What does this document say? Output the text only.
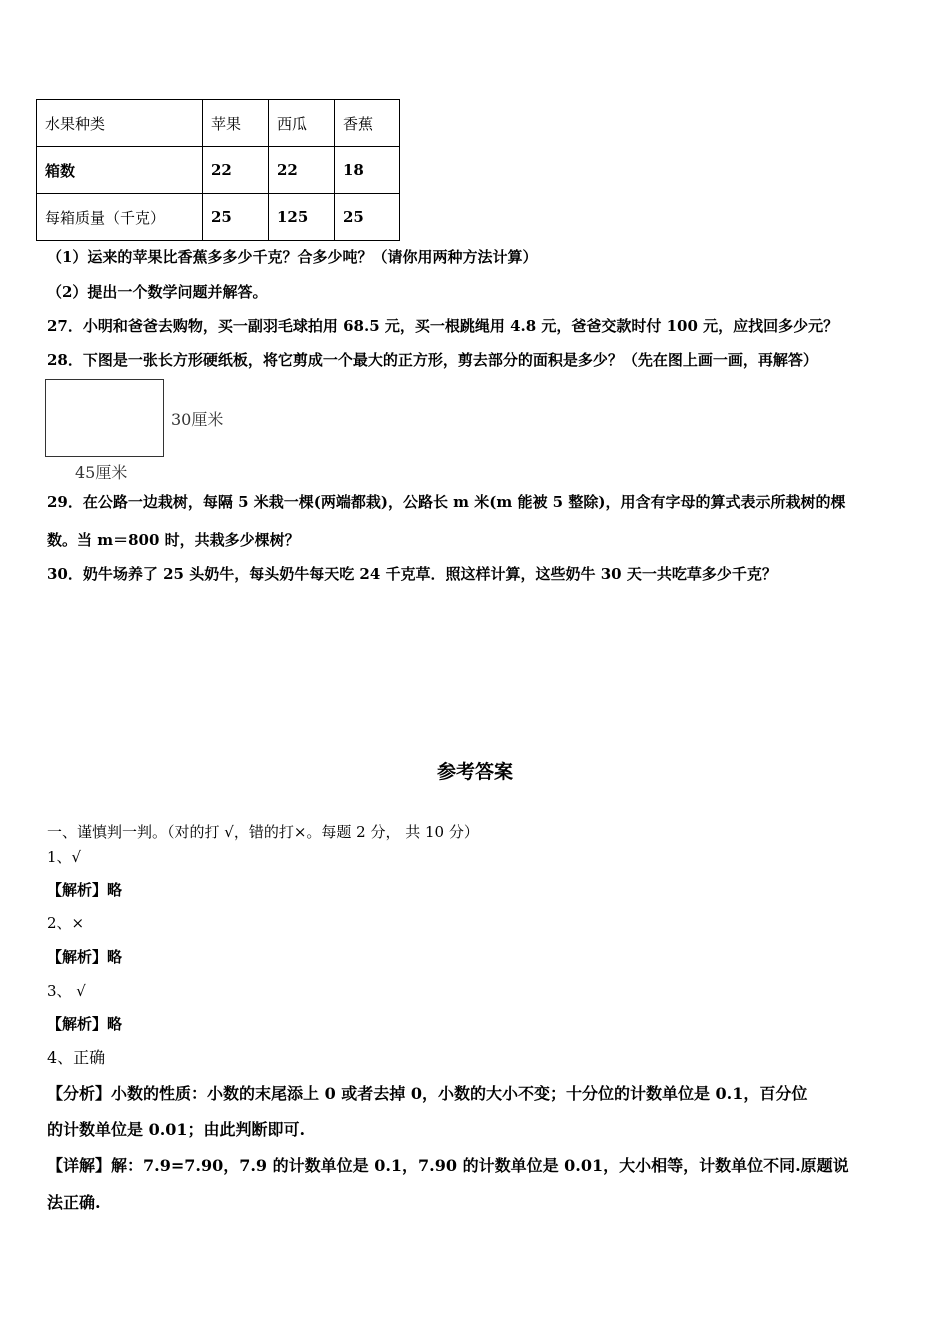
水果种类	苹果	西瓜	香蕉
箱数	22	22	18
每箱质量（千克）	25	125	25
（1）运来的苹果比香蕉多多少千克？合多少吨？（请你用两种方法计算）
（2）提出一个数学问题并解答。
27．小明和爸爸去购物，买一副羽毛球拍用 68.5 元，买一根跳绳用 4.8 元，爸爸交款时付 100 元，应找回多少元？
28．下图是一张长方形硬纸板，将它剪成一个最大的正方形，剪去部分的面积是多少？（先在图上画一画，再解答）
30厘米
45厘米
29．在公路一边栽树，每隔 5 米栽一棵(两端都栽)，公路长 m 米(m 能被 5 整除)，用含有字母的算式表示所栽树的棵
数。当 m＝800 时，共栽多少棵树？
30．奶牛场养了 25 头奶牛，每头奶牛每天吃 24 千克草．照这样计算，这些奶牛 30 天一共吃草多少千克？
参考答案
一、谨慎判一判。（对的打 √，错的打×。每题 2 分， 共 10 分）
1、√
【解析】略
2、×
【解析】略
3、 √
【解析】略
4、正确
【分析】小数的性质：小数的末尾添上 0 或者去掉 0，小数的大小不变；十分位的计数单位是 0.1，百分位
的计数单位是 0.01；由此判断即可.
【详解】解：7.9=7.90，7.9 的计数单位是 0.1，7.90 的计数单位是 0.01，大小相等，计数单位不同.原题说
法正确.
